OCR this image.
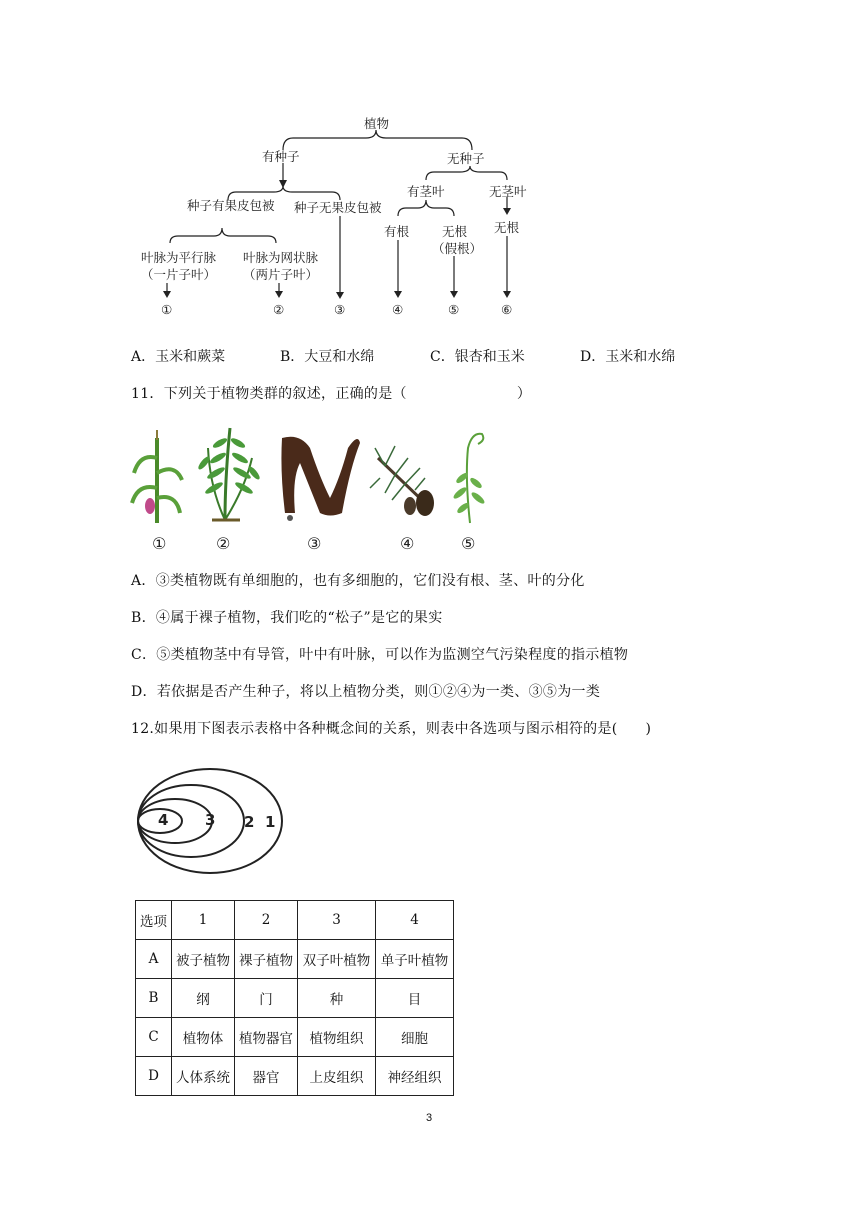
植物
有种子	无种子
种子有果皮包被 种子无果皮包被
有茎叶	无茎叶
叶脉为平行脉
（一片子叶）
叶脉为网状脉
（两片子叶）
有根	无根
（假根）
无根
①	②	③	④	⑤	⑥
A．玉米和蕨菜	B．大豆和水绵	C．银杏和玉米	D．玉米和水绵
11．下列关于植物类群的叙述，正确的是（	）
①	②	③	④	⑤
A．③类植物既有单细胞的，也有多细胞的，它们没有根、茎、叶的分化
B．④属于裸子植物，我们吃的“松子”是它的果实
C．⑤类植物茎中有导管，叶中有叶脉，可以作为监测空气污染程度的指示植物
D．若依据是否产生种子，将以上植物分类，则①②④为一类、③⑤为一类
12.如果用下图表示表格中各种概念间的关系，则表中各选项与图示相符的是( )
4 3 2 1
选项	1	2	3	4
A	被子植物	裸子植物	双子叶植物	单子叶植物
B	纲	门	种	目
C	植物体	植物器官	植物组织	细胞
D	人体系统	器官	上皮组织	神经组织
3
